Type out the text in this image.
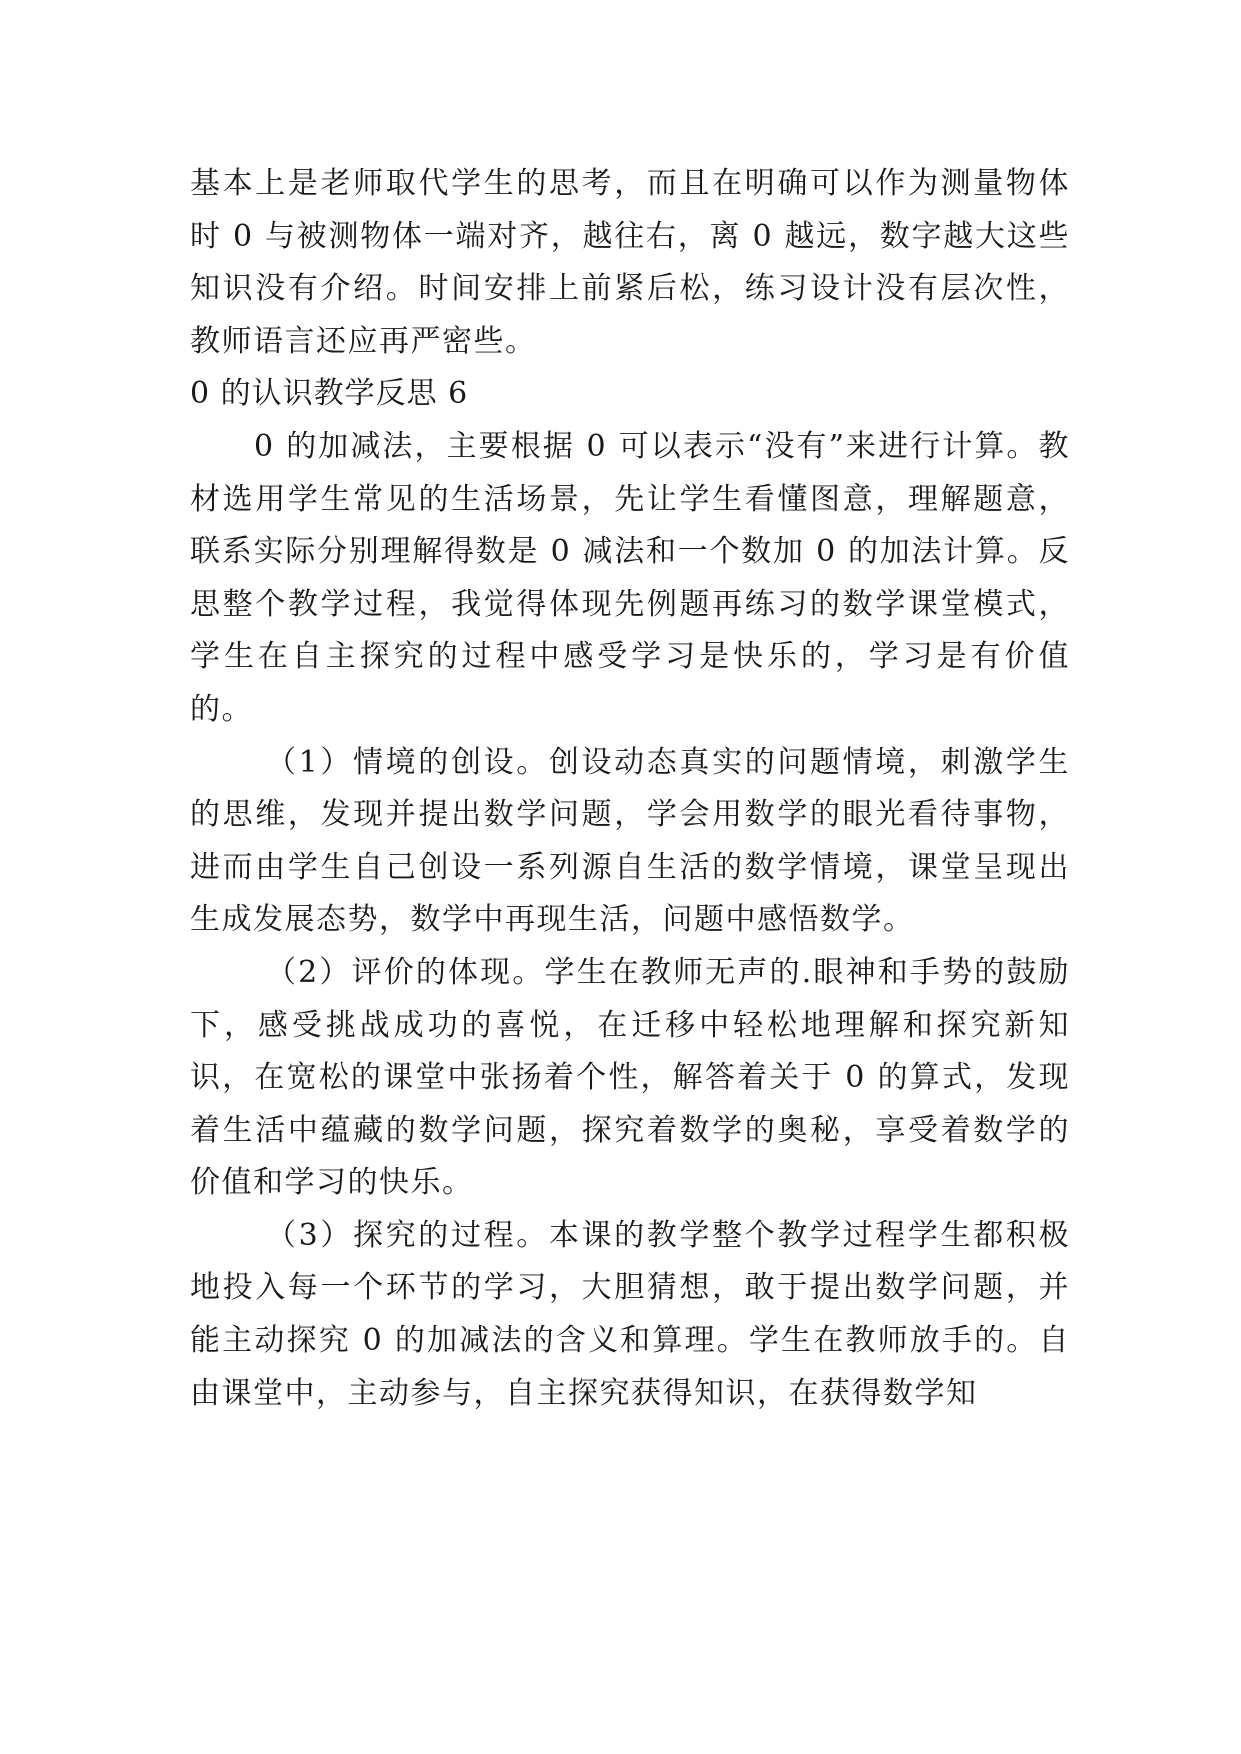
基本上是老师取代学生的思考，而且在明确可以作为测量物体时 0 与被测物体一端对齐，越往右，离 0 越远，数字越大这些知识没有介绍。时间安排上前紧后松，练习设计没有层次性，教师语言还应再严密些。

0 的认识教学反思 6

0 的加减法，主要根据 0 可以表示“没有”来进行计算。教材选用学生常见的生活场景，先让学生看懂图意，理解题意，联系实际分别理解得数是 0 减法和一个数加 0 的加法计算。反思整个教学过程，我觉得体现先例题再练习的数学课堂模式，学生在自主探究的过程中感受学习是快乐的，学习是有价值的。

（1）情境的创设。创设动态真实的问题情境，刺激学生的思维，发现并提出数学问题，学会用数学的眼光看待事物，进而由学生自己创设一系列源自生活的数学情境，课堂呈现出生成发展态势，数学中再现生活，问题中感悟数学。

（2）评价的体现。学生在教师无声的.眼神和手势的鼓励下，感受挑战成功的喜悦，在迁移中轻松地理解和探究新知识，在宽松的课堂中张扬着个性，解答着关于 0 的算式，发现着生活中蕴藏的数学问题，探究着数学的奥秘，享受着数学的价值和学习的快乐。

（3）探究的过程。本课的教学整个教学过程学生都积极地投入每一个环节的学习，大胆猜想，敢于提出数学问题，并能主动探究 0 的加减法的含义和算理。学生在教师放手的。自由课堂中，主动参与，自主探究获得知识，在获得数学知
